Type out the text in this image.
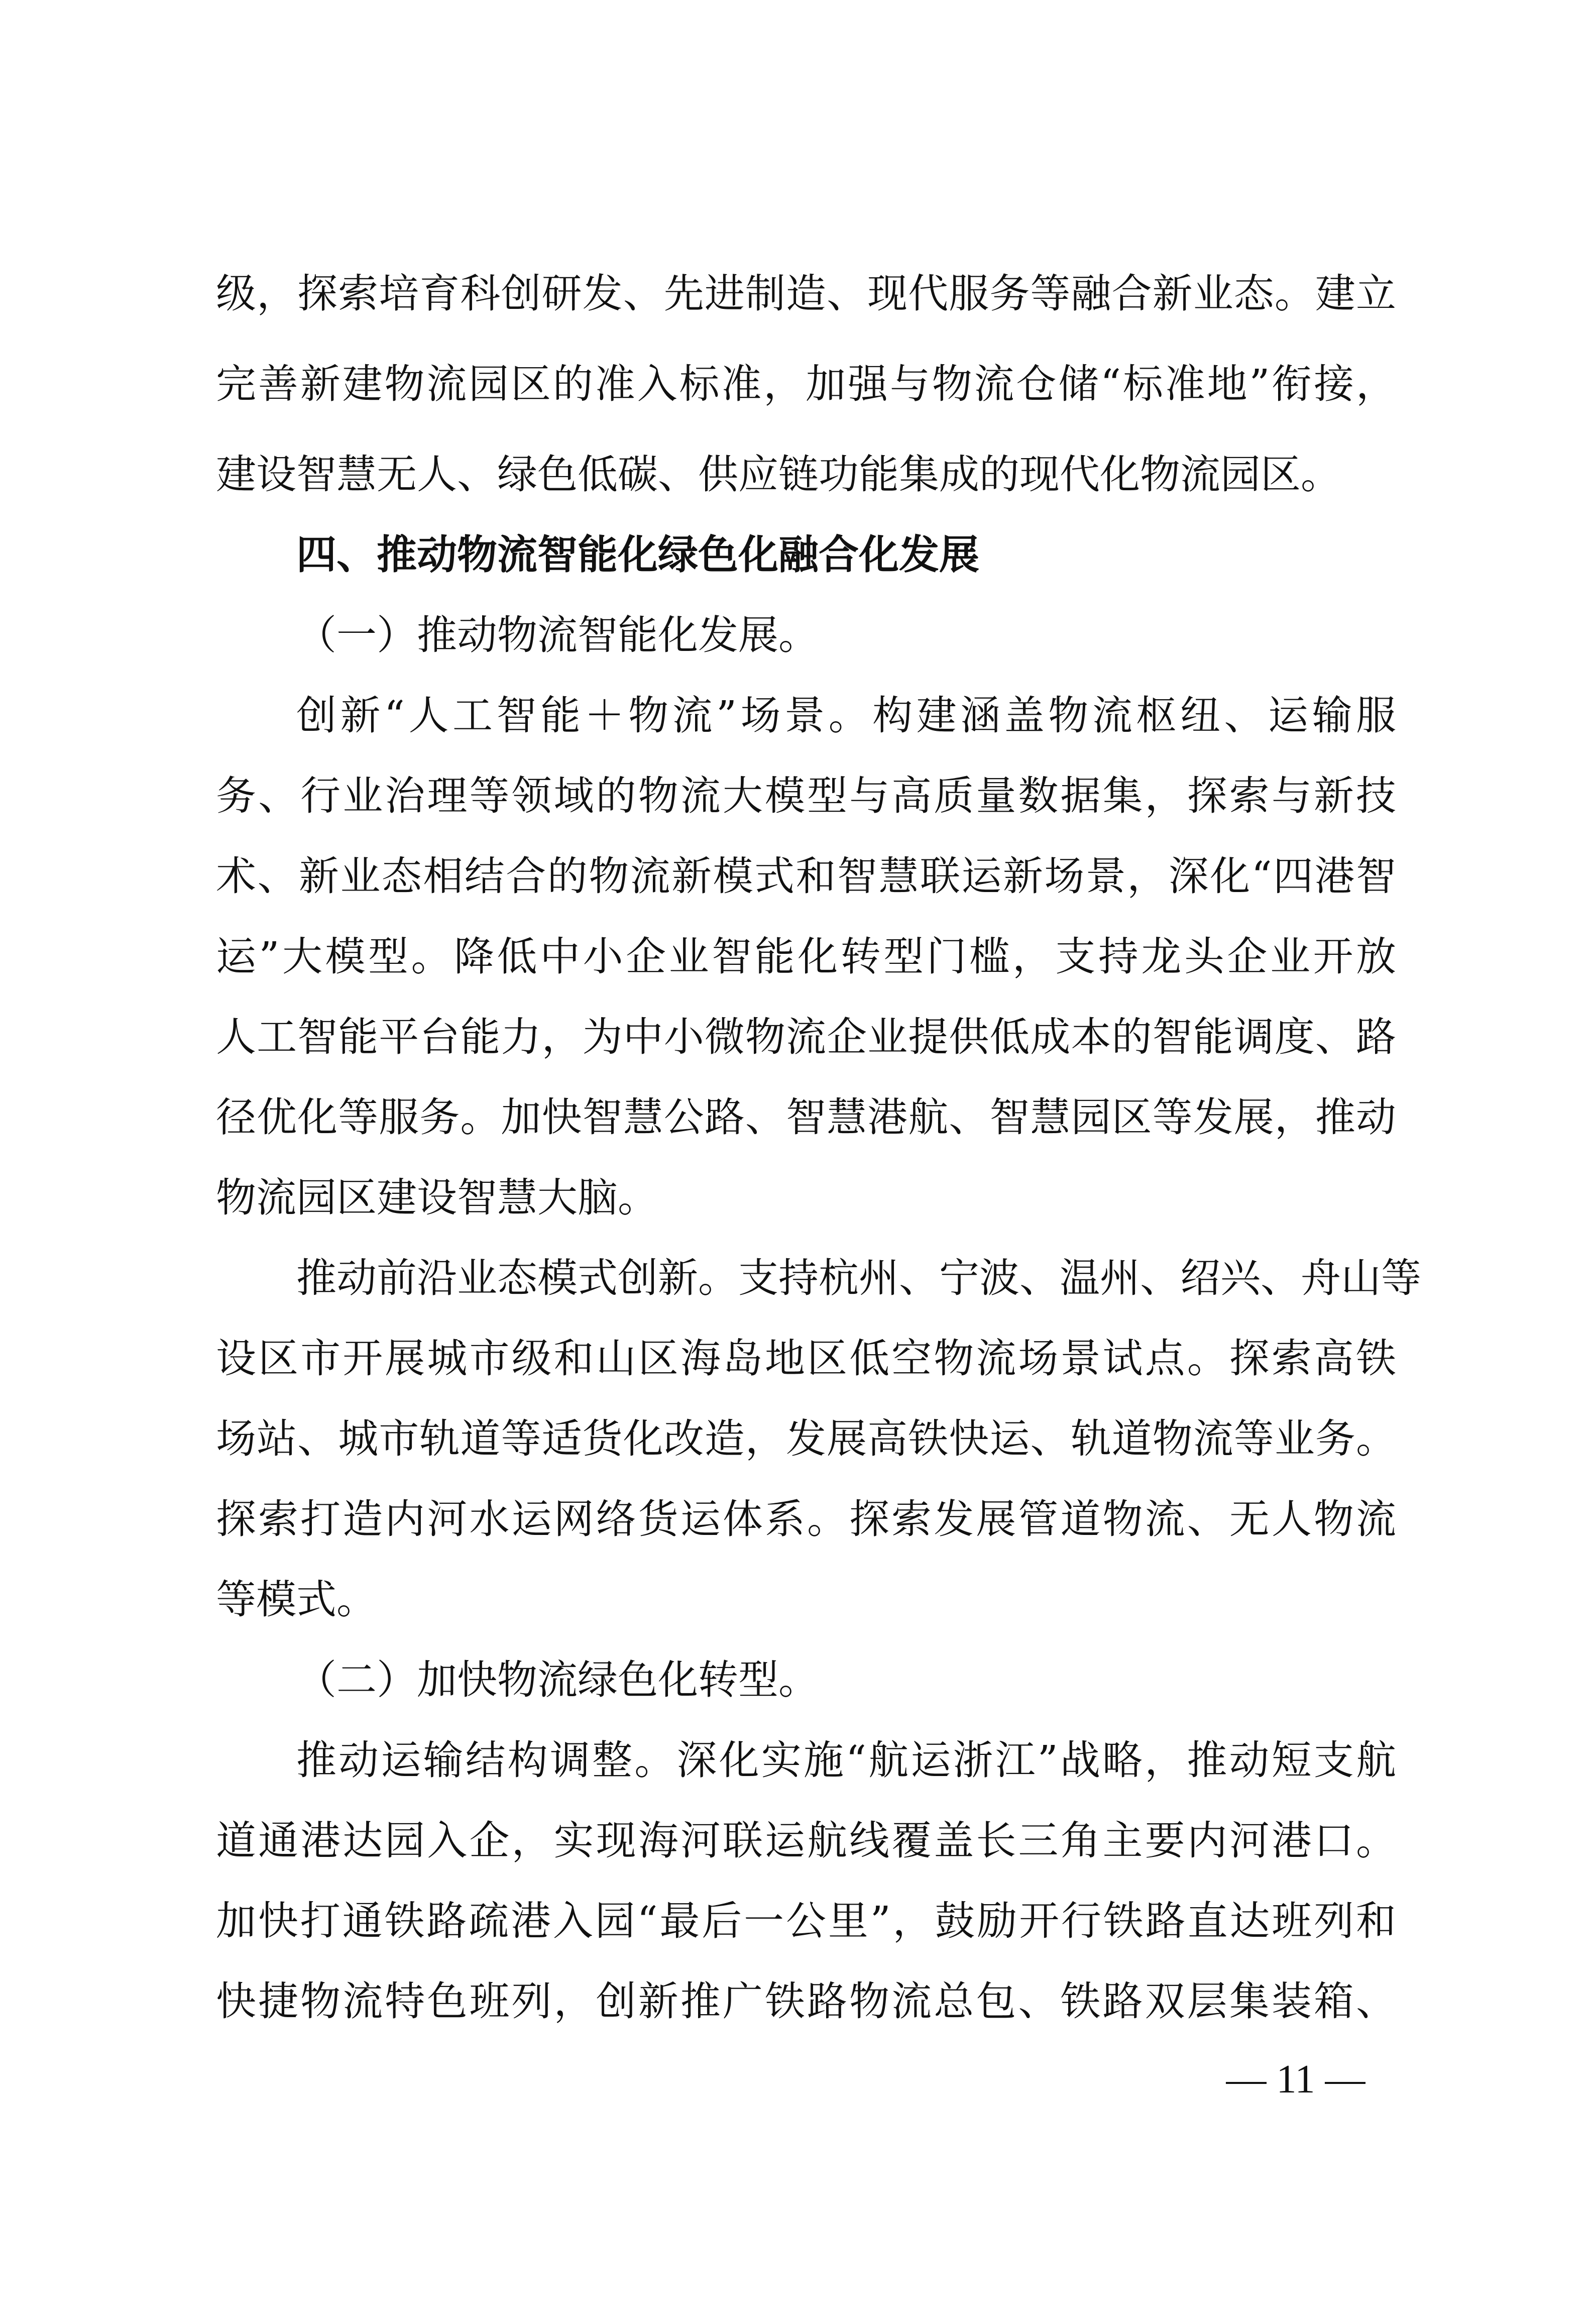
级，探索培育科创研发、先进制造、现代服务等融合新业态。建立
完善新建物流园区的准入标准，加强与物流仓储“标准地”衔接，
建设智慧无人、绿色低碳、供应链功能集成的现代化物流园区。
四、推动物流智能化绿色化融合化发展
（一）推动物流智能化发展。
创新“人工智能＋物流”场景。构建涵盖物流枢纽、运输服
务、行业治理等领域的物流大模型与高质量数据集，探索与新技
术、新业态相结合的物流新模式和智慧联运新场景，深化“四港智
运”大模型。降低中小企业智能化转型门槛，支持龙头企业开放
人工智能平台能力，为中小微物流企业提供低成本的智能调度、路
径优化等服务。加快智慧公路、智慧港航、智慧园区等发展，推动
物流园区建设智慧大脑。
推动前沿业态模式创新。支持杭州、宁波、温州、绍兴、舟山等
设区市开展城市级和山区海岛地区低空物流场景试点。探索高铁
场站、城市轨道等适货化改造，发展高铁快运、轨道物流等业务。
探索打造内河水运网络货运体系。探索发展管道物流、无人物流
等模式。
（二）加快物流绿色化转型。
推动运输结构调整。深化实施“航运浙江”战略，推动短支航
道通港达园入企，实现海河联运航线覆盖长三角主要内河港口。
加快打通铁路疏港入园“最后一公里”，鼓励开行铁路直达班列和
快捷物流特色班列，创新推广铁路物流总包、铁路双层集装箱、
— 11 —
